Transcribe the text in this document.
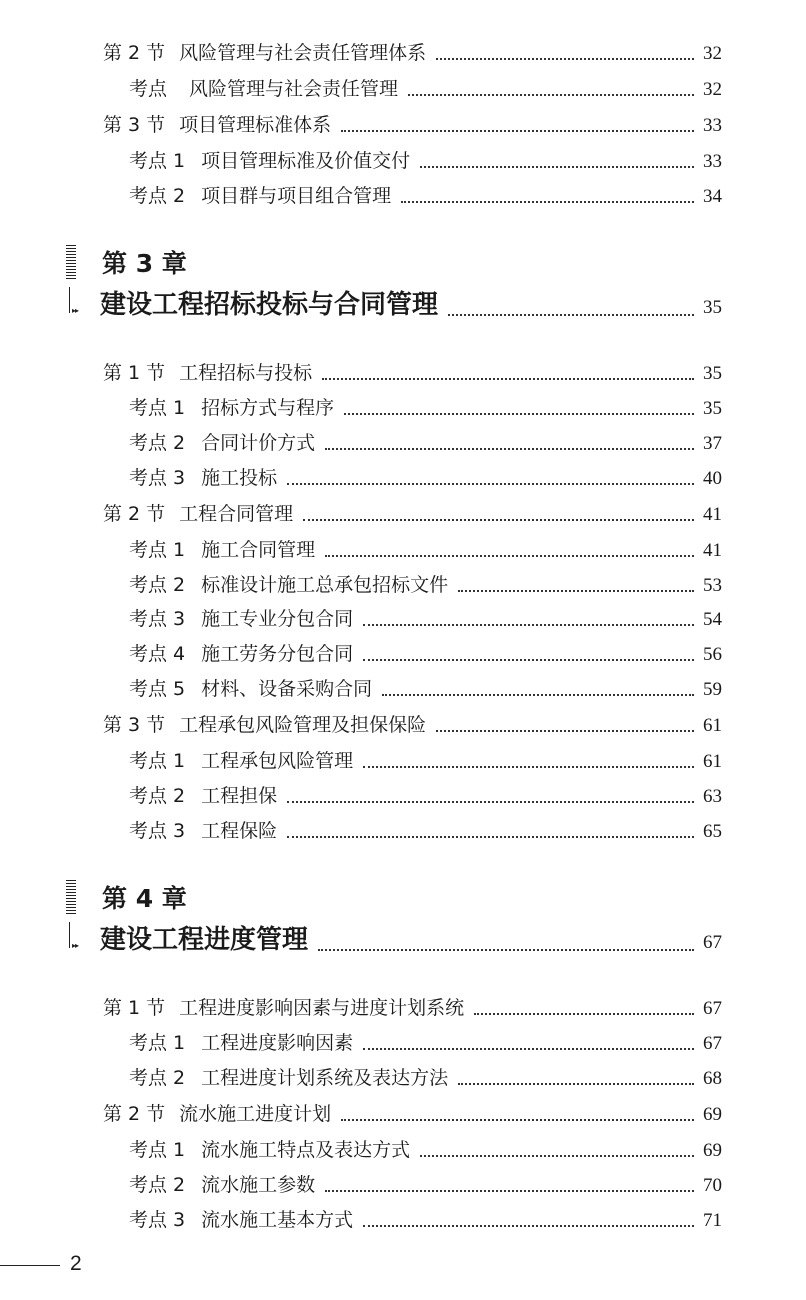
第 2 节 风险管理与社会责任管理体系	32
考点 风险管理与社会责任管理	32
第 3 节 项目管理标准体系	33
考点 1 项目管理标准及价值交付	33
考点 2 项目群与项目组合管理	34
▸▸
第 3 章
建设工程招标投标与合同管理	35
第 1 节 工程招标与投标	35
考点 1 招标方式与程序	35
考点 2 合同计价方式	37
考点 3 施工投标	40
第 2 节 工程合同管理	41
考点 1 施工合同管理	41
考点 2 标准设计施工总承包招标文件	53
考点 3 施工专业分包合同	54
考点 4 施工劳务分包合同	56
考点 5 材料、设备采购合同	59
第 3 节 工程承包风险管理及担保保险	61
考点 1 工程承包风险管理	61
考点 2 工程担保	63
考点 3 工程保险	65
▸▸
第 4 章
建设工程进度管理	67
第 1 节 工程进度影响因素与进度计划系统	67
考点 1 工程进度影响因素	67
考点 2 工程进度计划系统及表达方法	68
第 2 节 流水施工进度计划	69
考点 1 流水施工特点及表达方式	69
考点 2 流水施工参数	70
考点 3 流水施工基本方式	71
2
